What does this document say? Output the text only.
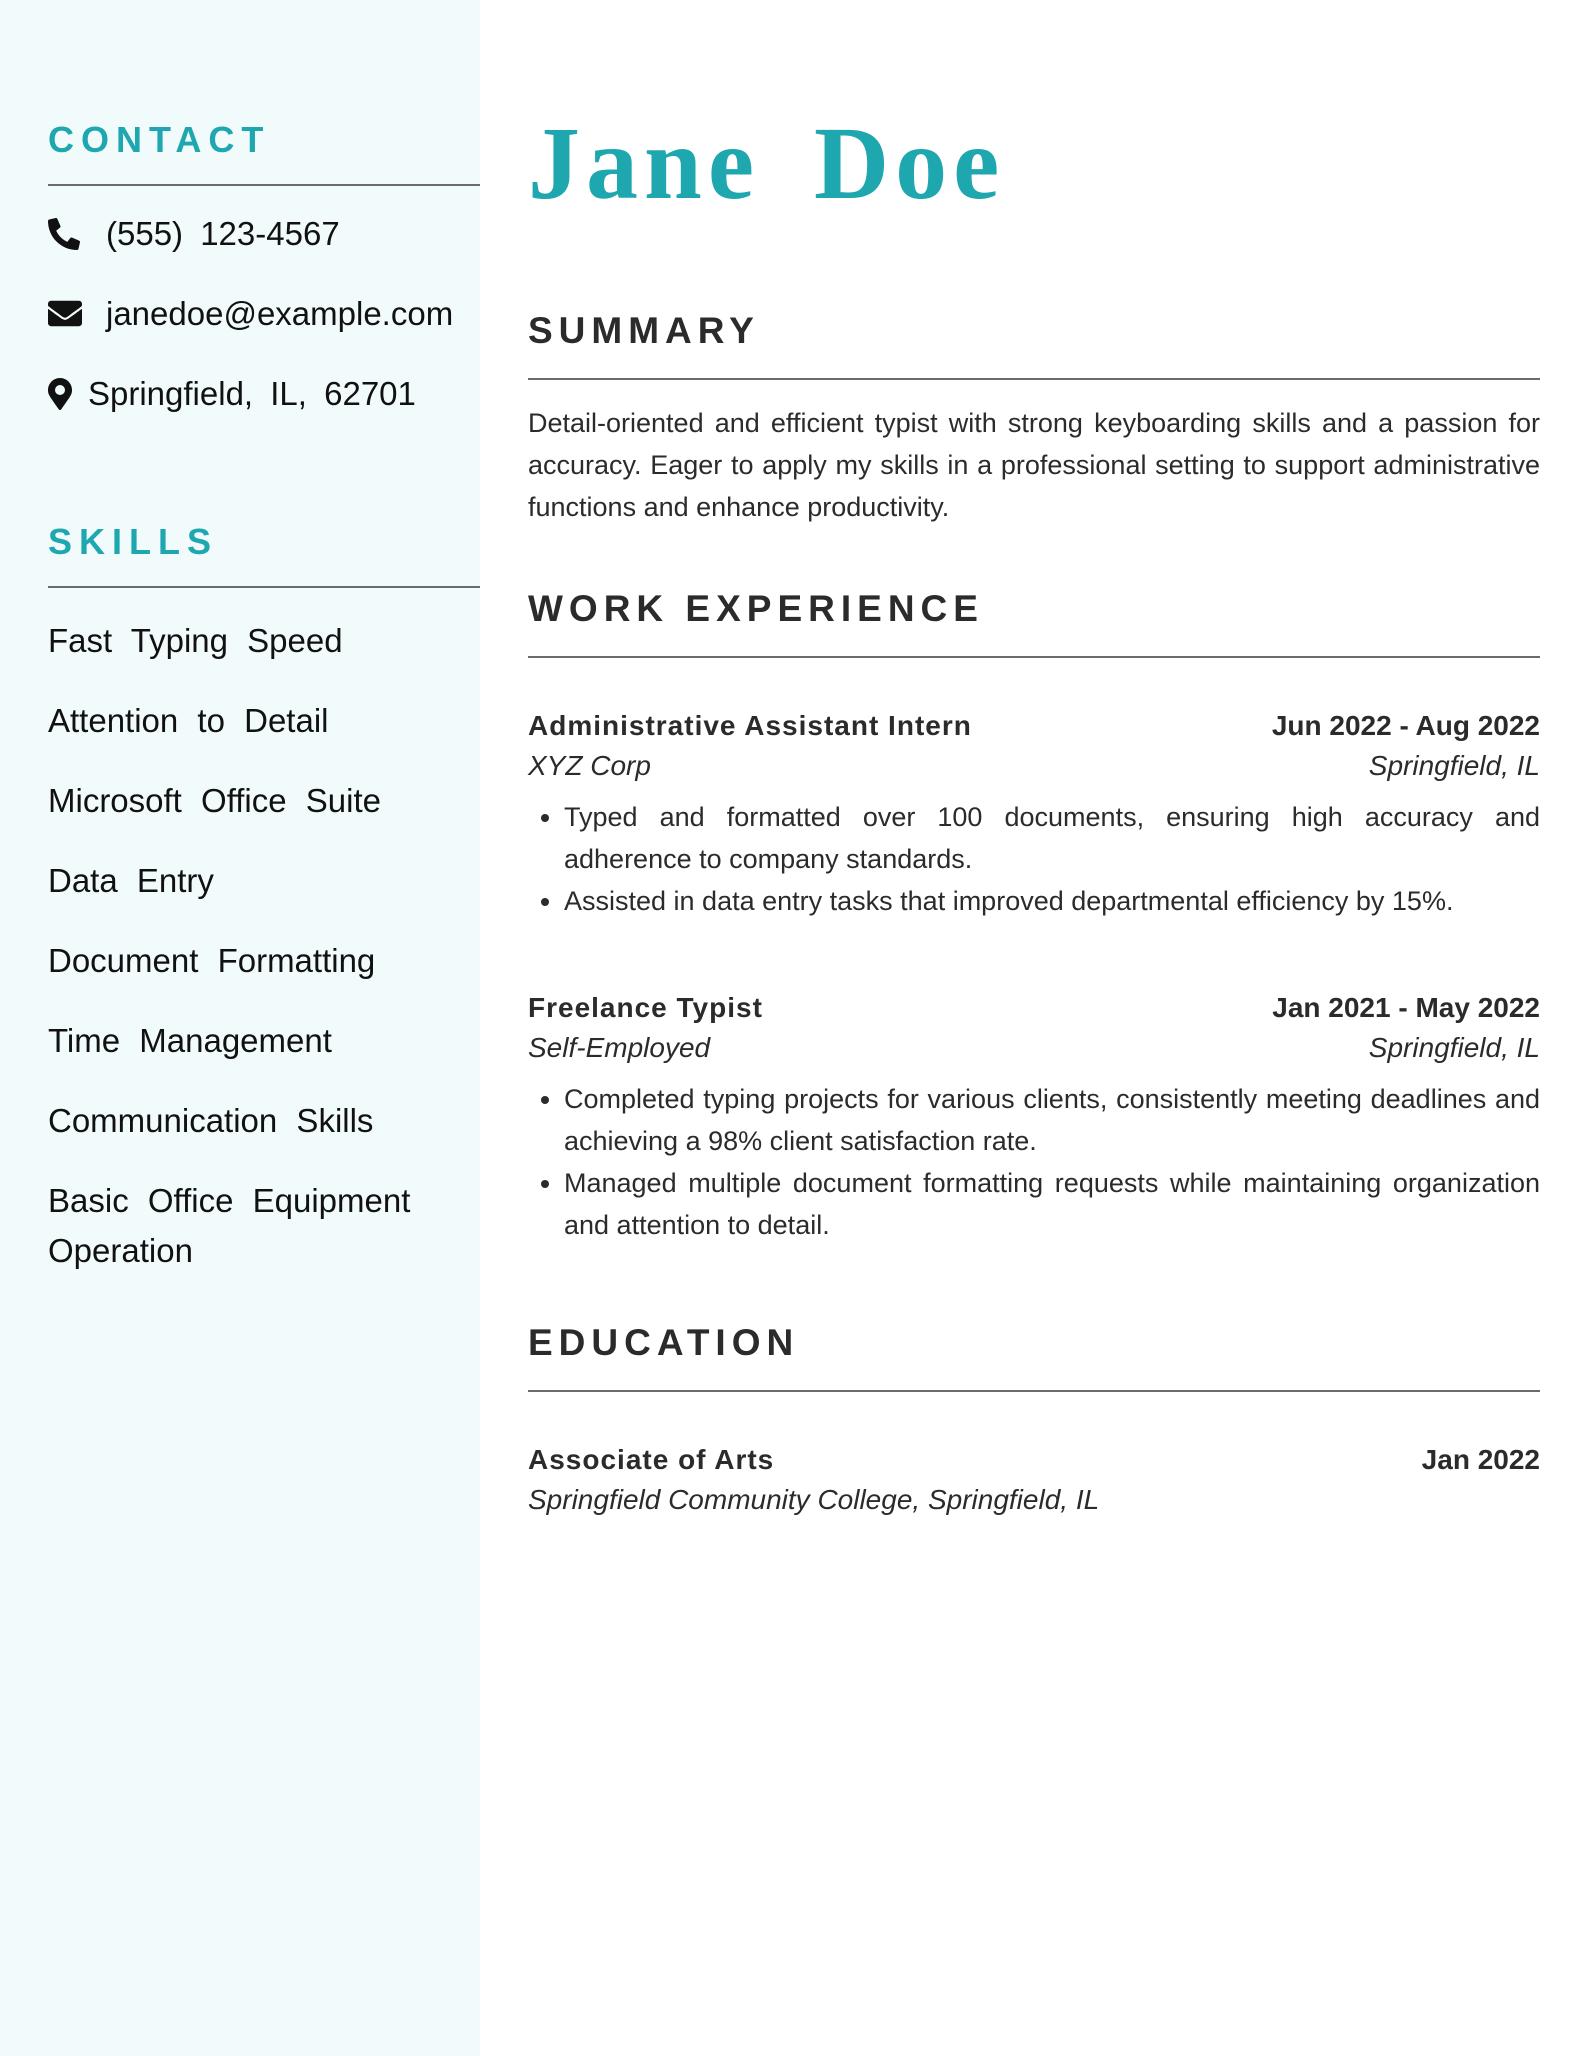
CONTACT
(555) 123-4567
janedoe@example.com
Springfield, IL, 62701
SKILLS
Fast Typing Speed
Attention to Detail
Microsoft Office Suite
Data Entry
Document Formatting
Time Management
Communication Skills
Basic Office Equipment Operation
Jane Doe
SUMMARY

Detail-oriented and efficient typist with strong keyboarding skills and a passion for accuracy. Eager to apply my skills in a professional setting to support administrative functions and enhance productivity.

WORK EXPERIENCE
Administrative Assistant Intern	Jun 2022 - Aug 2022
XYZ Corp	Springfield, IL
• Typed and formatted over 100 documents, ensuring high accuracy and adherence to company standards.
• Assisted in data entry tasks that improved departmental efficiency by 15%.
Freelance Typist	Jan 2021 - May 2022
Self-Employed	Springfield, IL
• Completed typing projects for various clients, consistently meeting deadlines and achieving a 98% client satisfaction rate.
• Managed multiple document formatting requests while maintaining organization and attention to detail.
EDUCATION
Associate of Arts	Jan 2022
Springfield Community College, Springfield, IL
